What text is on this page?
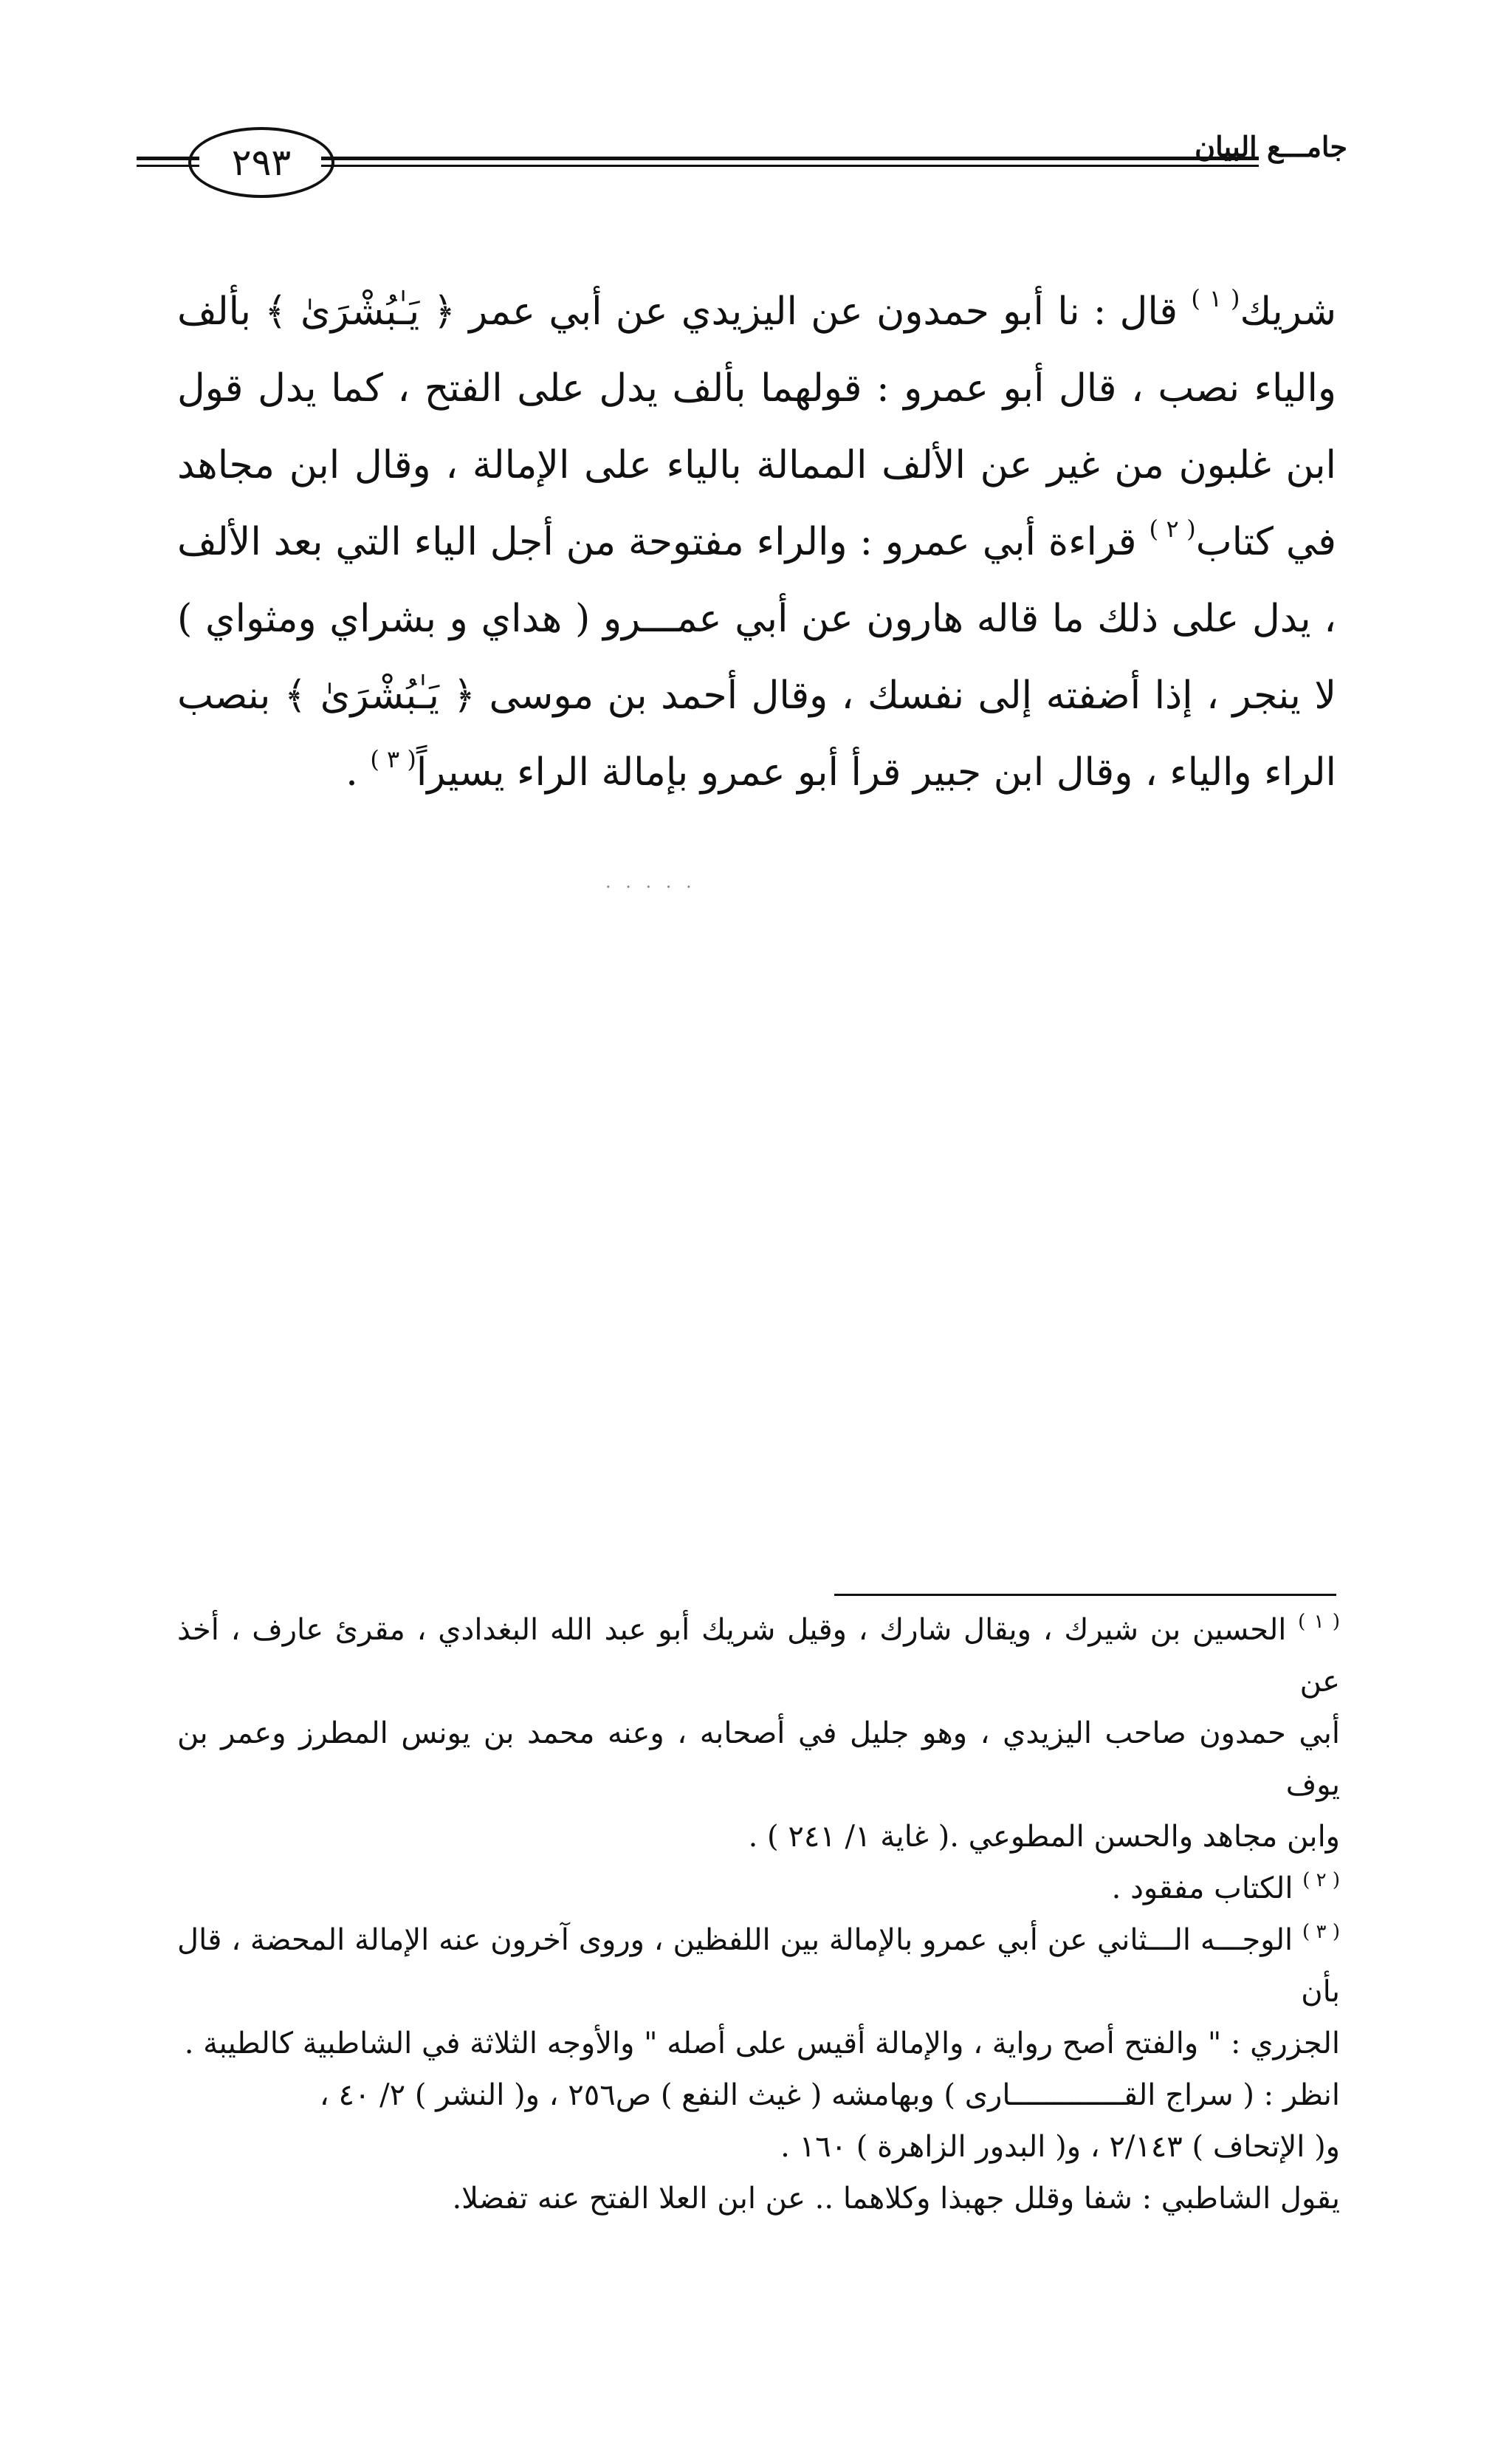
٢٩٣	جامـــع البيان

شريك$^{( ١ )}$ قال : نا أبو حمدون عن اليزيدي عن أبي عمر ﴿ يَـٰبُشْرَىٰ ﴾ بألف والياء نصب ، قال أبو عمرو : قولهما بألف يدل على الفتح ، كما يدل قول ابن غلبون من غير عن الألف الممالة بالياء على الإمالة ، وقال ابن مجاهد في كتاب$^{( ٢ )}$ قراءة أبي عمرو : والراء مفتوحة من أجل الياء التي بعد الألف ، يدل على ذلك ما قاله هارون عن أبي عمـــرو ( هداي و بشراي ومثواي ) لا ينجر ، إذا أضفته إلى نفسك ، وقال أحمد بن موسى ﴿ يَـٰبُشْرَىٰ ﴾ بنصب الراء والياء ، وقال ابن جبير قرأ أبو عمرو بإمالة الراء يسيراً$^{( ٣ )}$ .

. . . . .

$^{( ١ )}$ الحسين بن شيرك ، ويقال شارك ، وقيل شريك أبو عبد الله البغدادي ، مقرئ عارف ، أخذ عن

أبي حمدون صاحب اليزيدي ، وهو جليل في أصحابه ، وعنه محمد بن يونس المطرز وعمر بن يوف

وابن مجاهد والحسن المطوعي .( غاية ١/ ٢٤١ ) .

$^{( ٢ )}$ الكتاب مفقود .

$^{( ٣ )}$ الوجـــه الـــثاني عن أبي عمرو بالإمالة بين اللفظين ، وروى آخرون عنه الإمالة المحضة ، قال بأن

الجزري : " والفتح أصح رواية ، والإمالة أقيس على أصله " والأوجه الثلاثة في الشاطبية كالطيبة .

انظر : ( سراج القـــــــــــــارى ) وبهامشه ( غيث النفع ) ص٢٥٦ ، و( النشر ) ٢/ ٤٠ ،

و( الإتحاف ) ٢/١٤٣ ، و( البدور الزاهرة ) ١٦٠ .

يقول الشاطبي : شفا وقلل جهبذا وكلاهما .. عن ابن العلا الفتح عنه تفضلا.
